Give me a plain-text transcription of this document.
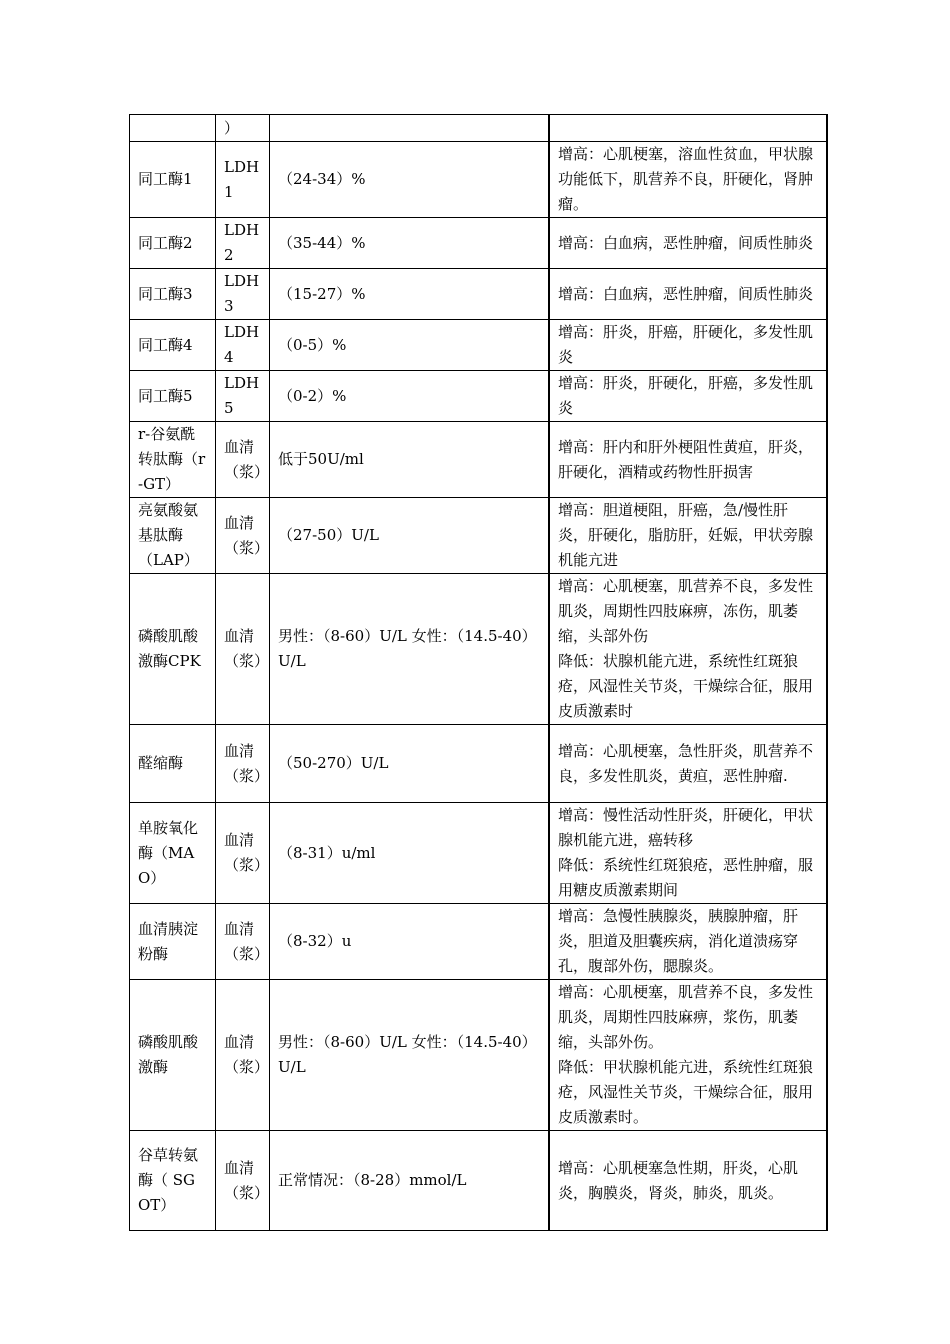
	）		

同工酶1	LDH1	（24-34）%	增高：心肌梗塞，溶血性贫血，甲状腺功能低下，肌营养不良，肝硬化，肾肿瘤。

同工酶2	LDH2	（35-44）%	增高：白血病，恶性肿瘤，间质性肺炎

同工酶3	LDH3	（15-27）%	增高：白血病，恶性肿瘤，间质性肺炎

同工酶4	LDH4	（0-5）%	增高：肝炎，肝癌，肝硬化，多发性肌炎

同工酶5	LDH5	（0-2）%	增高：肝炎，肝硬化，肝癌，多发性肌炎

r-谷氨酰转肽酶（r-GT）	血清（浆）	低于50U/ml	增高：肝内和肝外梗阻性黄疸，肝炎，肝硬化，酒精或药物性肝损害

亮氨酸氨基肽酶（LAP）	血清（浆）	（27-50）U/L	增高：胆道梗阻，肝癌，急/慢性肝炎，肝硬化，脂肪肝，妊娠，甲状旁腺机能亢进

磷酸肌酸激酶CPK	血清（浆）	男性：（8-60）U/L 女性：（14.5-40）U/L	增高：心肌梗塞，肌营养不良，多发性肌炎，周期性四肢麻痹，冻伤，肌萎缩，头部外伤
降低：状腺机能亢进，系统性红斑狼疮，风湿性关节炎，干燥综合征，服用皮质激素时

醛缩酶	血清（浆）	（50-270）U/L	增高：心肌梗塞，急性肝炎，肌营养不良，多发性肌炎，黄疸，恶性肿瘤.

单胺氧化酶（MAO）	血清（浆）	（8-31）u/ml	增高：慢性活动性肝炎，肝硬化，甲状腺机能亢进，癌转移
降低：系统性红斑狼疮，恶性肿瘤，服用糖皮质激素期间

血清胰淀粉酶	血清（浆）	（8-32）u	增高：急慢性胰腺炎，胰腺肿瘤，肝炎，胆道及胆囊疾病，消化道溃疡穿孔，腹部外伤，腮腺炎。

磷酸肌酸激酶	血清（浆）	男性：（8-60）U/L 女性：（14.5-40）U/L	增高：心肌梗塞，肌营养不良，多发性肌炎，周期性四肢麻痹，浆伤，肌萎缩，头部外伤。
降低：甲状腺机能亢进，系统性红斑狼疮，风湿性关节炎，干燥综合征，服用皮质激素时。

谷草转氨酶（ SGOT）	血清（浆）	正常情况：（8-28）mmol/L	增高：心肌梗塞急性期，肝炎，心肌炎，胸膜炎，肾炎，肺炎，肌炎。
